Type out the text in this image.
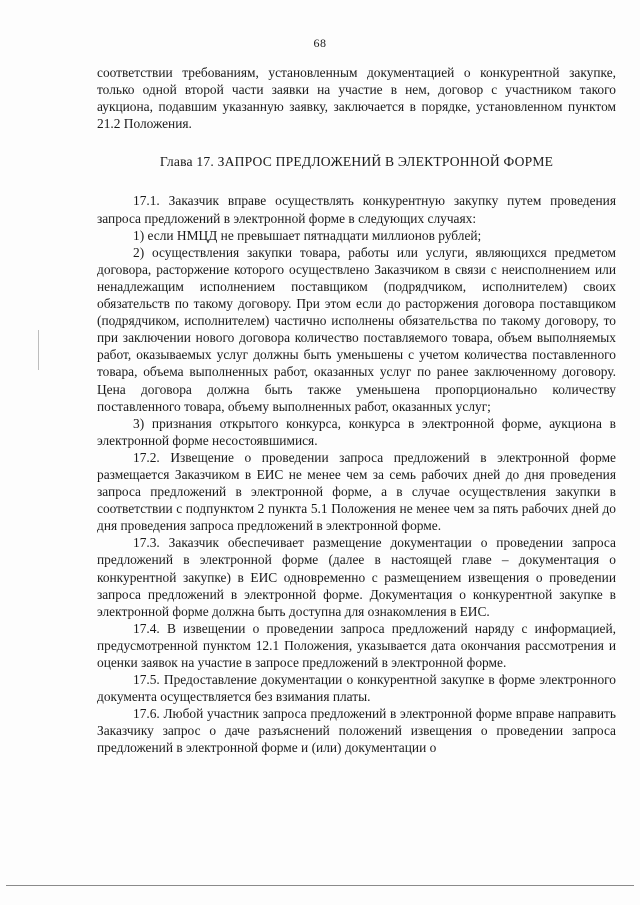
68

соответствии требованиям, установленным документацией о конкурентной закупке, только одной второй части заявки на участие в нем, договор с участником такого аукциона, подавшим указанную заявку, заключается в порядке, установленном пунктом 21.2 Положения.

Глава 17. ЗАПРОС ПРЕДЛОЖЕНИЙ В ЭЛЕКТРОННОЙ ФОРМЕ

17.1. Заказчик вправе осуществлять конкурентную закупку путем проведения запроса предложений в электронной форме в следующих случаях:

1) если НМЦД не превышает пятнадцати миллионов рублей;

2) осуществления закупки товара, работы или услуги, являющихся предметом договора, расторжение которого осуществлено Заказчиком в связи с неисполнением или ненадлежащим исполнением поставщиком (подрядчиком, исполнителем) своих обязательств по такому договору. При этом если до расторжения договора поставщиком (подрядчиком, исполнителем) частично исполнены обязательства по такому договору, то при заключении нового договора количество поставляемого товара, объем выполняемых работ, оказываемых услуг должны быть уменьшены с учетом количества поставленного товара, объема выполненных работ, оказанных услуг по ранее заключенному договору. Цена договора должна быть также уменьшена пропорционально количеству поставленного товара, объему выполненных работ, оказанных услуг;

3) признания открытого конкурса, конкурса в электронной форме, аукциона в электронной форме несостоявшимися.

17.2. Извещение о проведении запроса предложений в электронной форме размещается Заказчиком в ЕИС не менее чем за семь рабочих дней до дня проведения запроса предложений в электронной форме, а в случае осуществления закупки в соответствии с подпунктом 2 пункта 5.1 Положения не менее чем за пять рабочих дней до дня проведения запроса предложений в электронной форме.

17.3. Заказчик обеспечивает размещение документации о проведении запроса предложений в электронной форме (далее в настоящей главе – документация о конкурентной закупке) в ЕИС одновременно с размещением извещения о проведении запроса предложений в электронной форме. Документация о конкурентной закупке в электронной форме должна быть доступна для ознакомления в ЕИС.

17.4. В извещении о проведении запроса предложений наряду с информацией, предусмотренной пунктом 12.1 Положения, указывается дата окончания рассмотрения и оценки заявок на участие в запросе предложений в электронной форме.

17.5. Предоставление документации о конкурентной закупке в форме электронного документа осуществляется без взимания платы.

17.6. Любой участник запроса предложений в электронной форме вправе направить Заказчику запрос о даче разъяснений положений извещения о проведении запроса предложений в электронной форме и (или) документации о
